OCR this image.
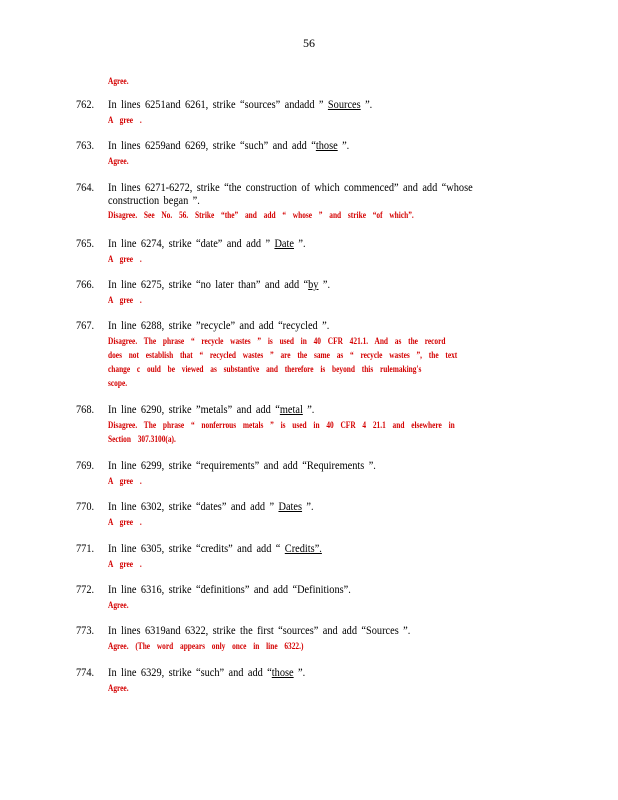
56
Agree.
762. In lines 6251and 6261, strike “sources” andadd ” Sources ”.
A gree .
763. In lines 6259and 6269, strike “such” and add “those ”.
Agree.
764. In lines 6271-6272, strike “the construction of which commenced” and add “whose
construction began ”.
Disagree. See No. 56. Strike “the” and add “ whose ” and strike “of which”.
765. In line 6274, strike “date” and add ” Date ”.
A gree .
766. In line 6275, strike “no later than” and add “by ”.
A gree .
767. In line 6288, strike ”recycle” and add “recycled ”.
Disagree. The phrase “ recycle wastes ” is used in 40 CFR 421.1. And as the record
does not establish that “ recycled wastes ” are the same as “ recycle wastes ”, the text
change c ould be viewed as substantive and therefore is beyond this rulemaking's
scope.
768. In line 6290, strike ”metals” and add “metal ”.
Disagree. The phrase “ nonferrous metals ” is used in 40 CFR 4 21.1 and elsewhere in
Section 307.3100(a).
769. In line 6299, strike “requirements” and add “Requirements ”.
A gree .
770. In line 6302, strike “dates” and add ” Dates ”.
A gree .
771. In line 6305, strike “credits” and add “ Credits”.
A gree .
772. In line 6316, strike “definitions” and add “Definitions”.
Agree.
773. In lines 6319and 6322, strike the first “sources” and add “Sources ”.
Agree. (The word appears only once in line 6322.)
774. In line 6329, strike “such” and add “those ”.
Agree.
